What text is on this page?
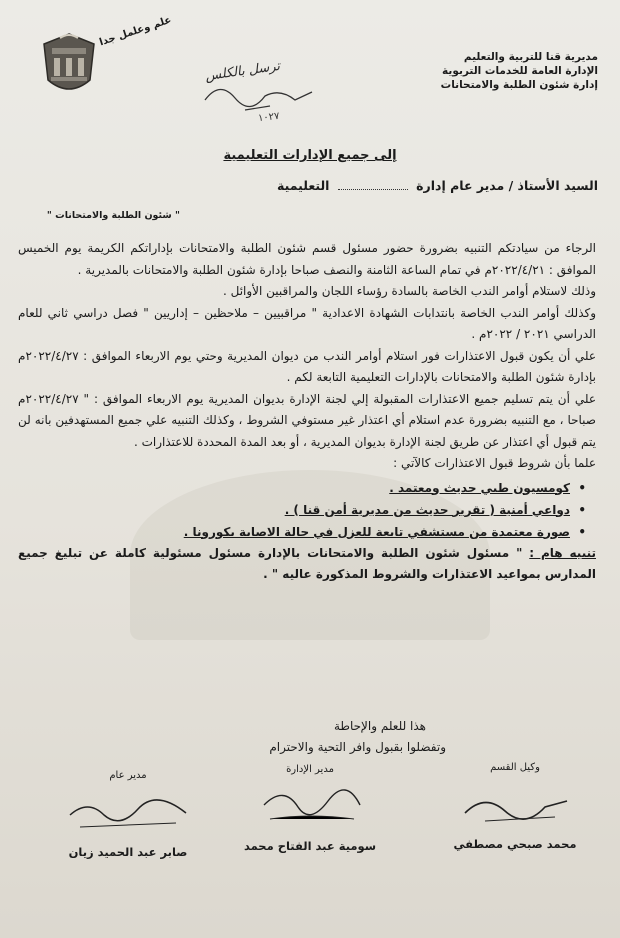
علم وعلمل جدا
مديرية قنا للتربية والتعليم
الإدارة العامة للخدمات التربوية
إدارة شئون الطلبة والامتحانات
ترسل بالكلس
١٠٢٧
إلى جميع الإدارات التعليمية
السيد الأستاذ / مدير عام إدارة  التعليمية
" شئون الطلبة والامتحانات "

الرجاء من سيادتكم التنبيه بضرورة حضور مسئول قسم شئون الطلبة والامتحانات بإداراتكم الكريمة يوم الخميس الموافق : ٢٠٢٢/٤/٢١م في تمام الساعة الثامنة والنصف صباحا بإدارة شئون الطلبة والامتحانات بالمديرية .

وذلك لاستلام أوامر الندب الخاصة بالسادة رؤساء اللجان والمراقبين الأوائل .

وكذلك أوامر الندب الخاصة بانتدابات الشهادة الاعدادية " مراقبيين – ملاحظين – إداريين " فصل دراسي ثاني للعام الدراسي ٢٠٢١ / ٢٠٢٢م .

علي أن يكون قبول الاعتذارات فور استلام أوامر الندب من ديوان المديرية وحتي يوم الاربعاء الموافق : ٢٠٢٢/٤/٢٧م بإدارة شئون الطلبة والامتحانات بالإدارات التعليمية التابعة لكم .

علي أن يتم تسليم جميع الاعتذارات المقبولة إلي لجنة الإدارة بديوان المديرية يوم الاربعاء الموافق : " ٢٠٢٢/٤/٢٧م صباحا ، مع التنبيه بضرورة عدم استلام أي اعتذار غير مستوفي الشروط ، وكذلك التنبيه علي جميع المستهدفين بانه لن يتم قبول أي اعتذار عن طريق لجنة الإدارة بديوان المديرية ، أو بعد المدة المحددة للاعتذارات .

علما بأن شروط قبول الاعتذارات كالآتي :

• كومسيون طبي حديث ومعتمد .
• دواعي أمنية ( تقرير حديث من مديرية أمن قنا ) .
• صورة معتمدة من مستشفي تابعة للعزل في حالة الاصابة بكورونا .

تنبيه هام : " مسئول شئون الطلبة والامتحانات بالإدارة مسئول مسئولية كاملة عن تبليغ جميع المدارس بمواعيد الاعتذارات والشروط المذكورة عاليه " .

هذا للعلم والإحاطة
وتفضلوا بقبول وافر التحية والاحترام
وكيل القسم
محمد صبحي مصطفي
مدير الإدارة
سومية عبد الفتاح محمد
مدير عام
صابر عبد الحميد زيان
